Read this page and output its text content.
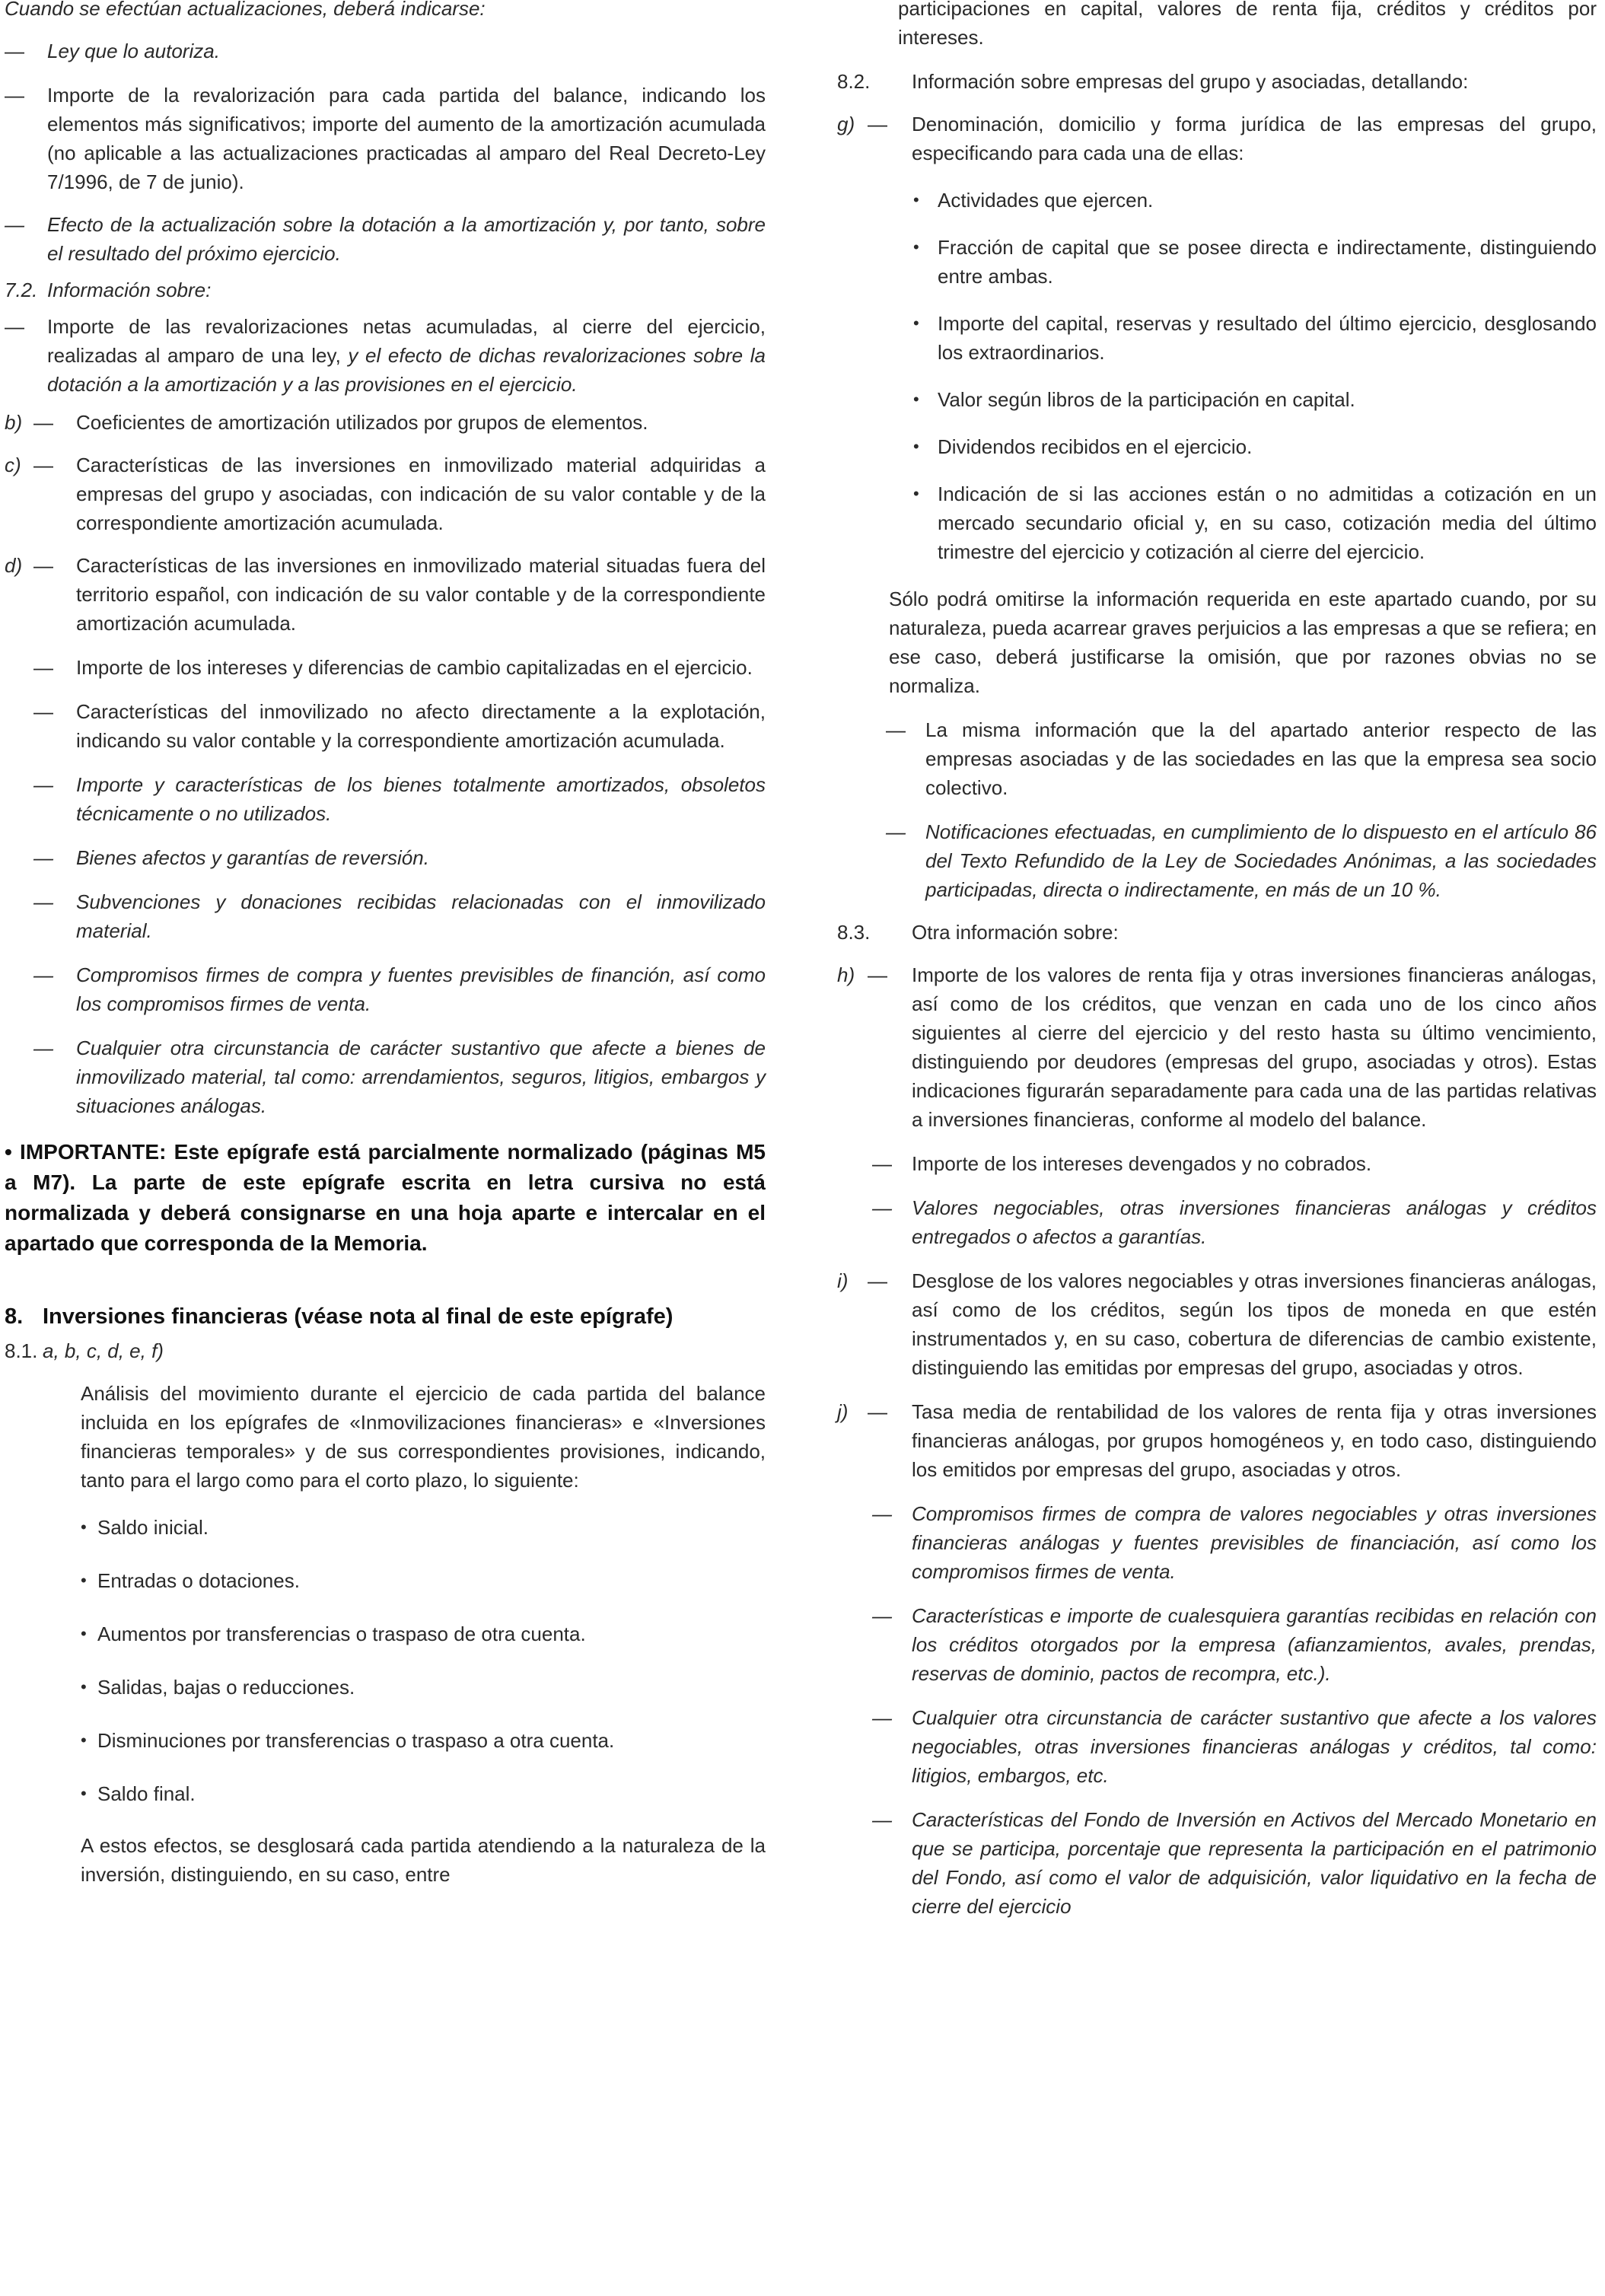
Cuando se efectúan actualizaciones, deberá indicarse:

—	Ley que lo autoriza.
—	Importe de la revalorización para cada partida del balance, indicando los elementos más significativos; importe del aumento de la amortización acumulada (no aplicable a las actualizaciones practicadas al amparo del Real Decreto-Ley 7/1996, de 7 de junio).
—	Efecto de la actualización sobre la dotación a la amortización y, por tanto, sobre el resultado del próximo ejercicio.
7.2. Información sobre:
—	Importe de las revalorizaciones netas acumuladas, al cierre del ejercicio, realizadas al amparo de una ley, y el efecto de dichas revalorizaciones sobre la dotación a la amortización y a las provisiones en el ejercicio.
b) —	Coeficientes de amortización utilizados por grupos de elementos.
c) —	Características de las inversiones en inmovilizado material adquiridas a empresas del grupo y asociadas, con indicación de su valor contable y de la correspondiente amortización acumulada.
d) —	Características de las inversiones en inmovilizado material situadas fuera del territorio español, con indicación de su valor contable y de la correspondiente amortización acumulada.
—	Importe de los intereses y diferencias de cambio capitalizadas en el ejercicio.
—	Características del inmovilizado no afecto directamente a la explotación, indicando su valor contable y la correspondiente amortización acumulada.
—	Importe y características de los bienes totalmente amortizados, obsoletos técnicamente o no utilizados.
—	Bienes afectos y garantías de reversión.
—	Subvenciones y donaciones recibidas relacionadas con el inmovilizado material.
—	Compromisos firmes de compra y fuentes previsibles de financión, así como los compromisos firmes de venta.
—	Cualquier otra circunstancia de carácter sustantivo que afecte a bienes de inmovilizado material, tal como: arrendamientos, seguros, litigios, embargos y situaciones análogas.

• IMPORTANTE: Este epígrafe está parcialmente normalizado (páginas M5 a M7). La parte de este epígrafe escrita en letra cursiva no está normalizada y deberá consignarse en una hoja aparte e intercalar en el apartado que corresponda de la Memoria.

8. Inversiones financieras (véase nota al final de este epígrafe)
8.1. a, b, c, d, e, f)

Análisis del movimiento durante el ejercicio de cada partida del balance incluida en los epígrafes de «Inmovilizaciones financieras» e «Inversiones financieras temporales» y de sus correspondientes provisiones, indicando, tanto para el largo como para el corto plazo, lo siguiente:

• Saldo inicial.
• Entradas o dotaciones.
• Aumentos por transferencias o traspaso de otra cuenta.
• Salidas, bajas o reducciones.
• Disminuciones por transferencias o traspaso a otra cuenta.
• Saldo final.

A estos efectos, se desglosará cada partida atendiendo a la naturaleza de la inversión, distinguiendo, en su caso, entre

participaciones en capital, valores de renta fija, créditos y créditos por intereses.

8.2.	Información sobre empresas del grupo y asociadas, detallando:
g) —	Denominación, domicilio y forma jurídica de las empresas del grupo, especificando para cada una de ellas:
• Actividades que ejercen.
• Fracción de capital que se posee directa e indirectamente, distinguiendo entre ambas.
• Importe del capital, reservas y resultado del último ejercicio, desglosando los extraordinarios.
• Valor según libros de la participación en capital.
• Dividendos recibidos en el ejercicio.
• Indicación de si las acciones están o no admitidas a cotización en un mercado secundario oficial y, en su caso, cotización media del último trimestre del ejercicio y cotización al cierre del ejercicio.

Sólo podrá omitirse la información requerida en este apartado cuando, por su naturaleza, pueda acarrear graves perjuicios a las empresas a que se refiera; en ese caso, deberá justificarse la omisión, que por razones obvias no se normaliza.

—	La misma información que la del apartado anterior respecto de las empresas asociadas y de las sociedades en las que la empresa sea socio colectivo.
—	Notificaciones efectuadas, en cumplimiento de lo dispuesto en el artículo 86 del Texto Refundido de la Ley de Sociedades Anónimas, a las sociedades participadas, directa o indirectamente, en más de un 10 %.
8.3.	Otra información sobre:
h) —	Importe de los valores de renta fija y otras inversiones financieras análogas, así como de los créditos, que venzan en cada uno de los cinco años siguientes al cierre del ejercicio y del resto hasta su último vencimiento, distinguiendo por deudores (empresas del grupo, asociadas y otros). Estas indicaciones figurarán separadamente para cada una de las partidas relativas a inversiones financieras, conforme al modelo del balance.
—	Importe de los intereses devengados y no cobrados.
—	Valores negociables, otras inversiones financieras análogas y créditos entregados o afectos a garantías.
i) —	Desglose de los valores negociables y otras inversiones financieras análogas, así como de los créditos, según los tipos de moneda en que estén instrumentados y, en su caso, cobertura de diferencias de cambio existente, distinguiendo las emitidas por empresas del grupo, asociadas y otros.
j) —	Tasa media de rentabilidad de los valores de renta fija y otras inversiones financieras análogas, por grupos homogéneos y, en todo caso, distinguiendo los emitidos por empresas del grupo, asociadas y otros.
—	Compromisos firmes de compra de valores negociables y otras inversiones financieras análogas y fuentes previsibles de financiación, así como los compromisos firmes de venta.
—	Características e importe de cualesquiera garantías recibidas en relación con los créditos otorgados por la empresa (afianzamientos, avales, prendas, reservas de dominio, pactos de recompra, etc.).
—	Cualquier otra circunstancia de carácter sustantivo que afecte a los valores negociables, otras inversiones financieras análogas y créditos, tal como: litigios, embargos, etc.
—	Características del Fondo de Inversión en Activos del Mercado Monetario en que se participa, porcentaje que representa la participación en el patrimonio del Fondo, así como el valor de adquisición, valor liquidativo en la fecha de cierre del ejercicio
